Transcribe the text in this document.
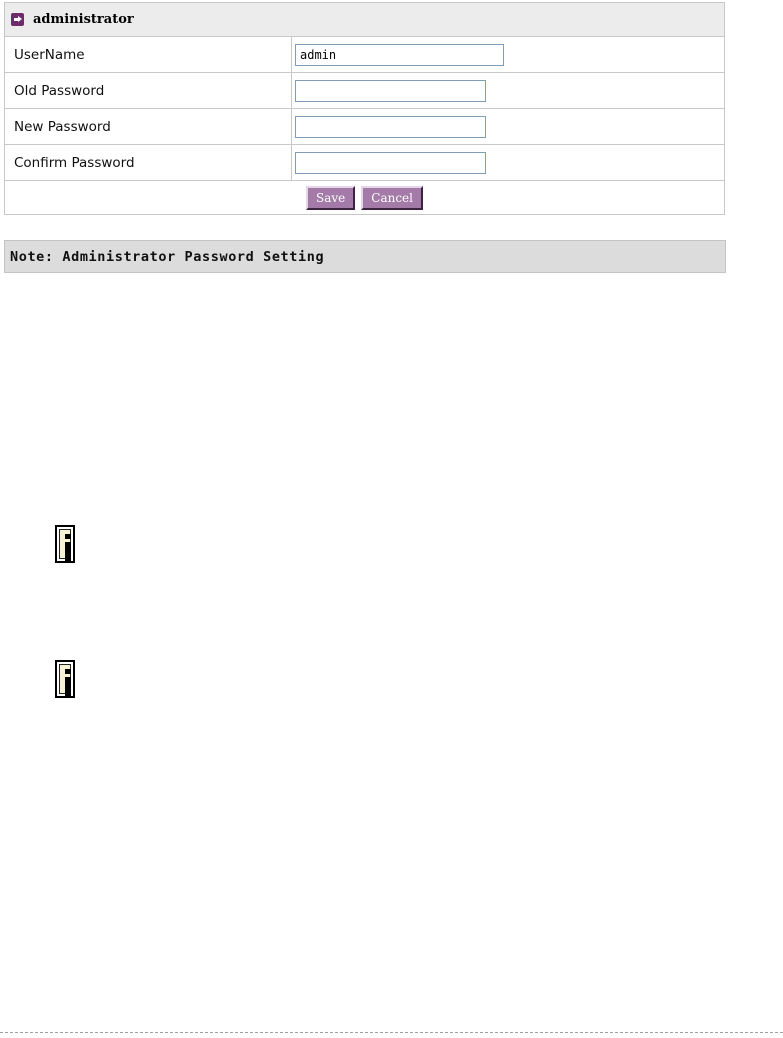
administrator
UserName
admin
Old Password
New Password
Confirm Password
Save	Cancel
Note: Administrator Password Setting
